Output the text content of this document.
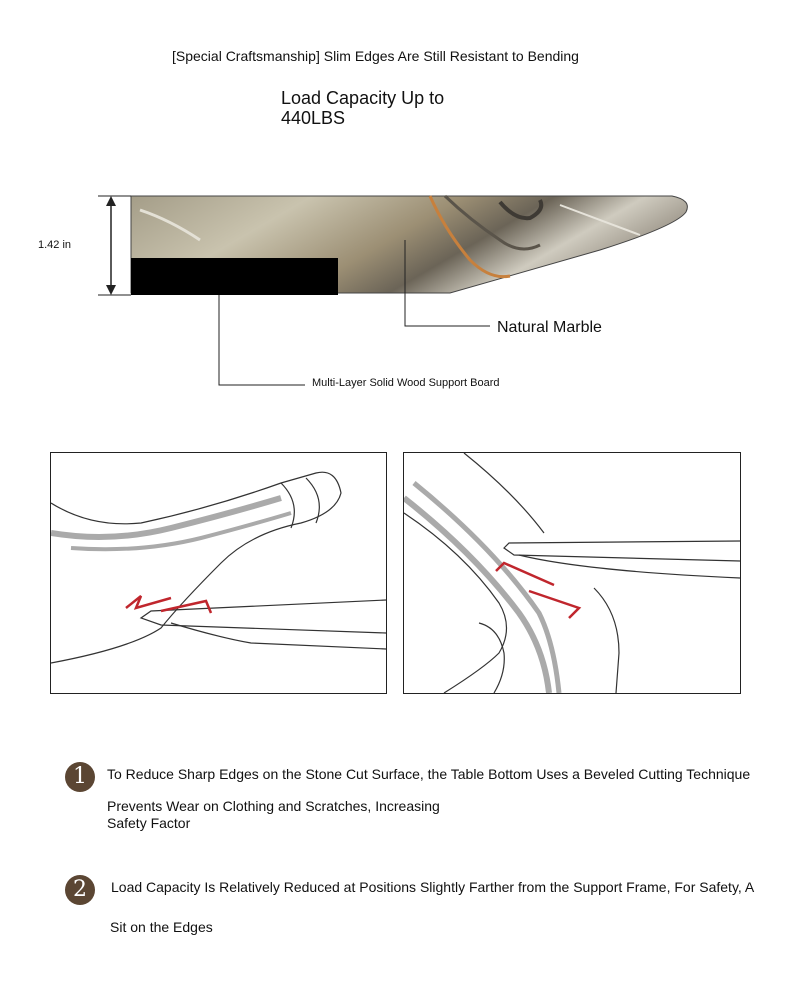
[Special Craftsmanship] Slim Edges Are Still Resistant to Bending
Load Capacity Up to
440LBS
1.42 in
Natural Marble
Multi-Layer Solid Wood Support Board
1	To Reduce Sharp Edges on the Stone Cut Surface, the Table Bottom Uses a Beveled Cutting Technique
Prevents Wear on Clothing and Scratches, Increasing
Safety Factor
2	Load Capacity Is Relatively Reduced at Positions Slightly Farther from the Support Frame, For Safety, A
Sit on the Edges
